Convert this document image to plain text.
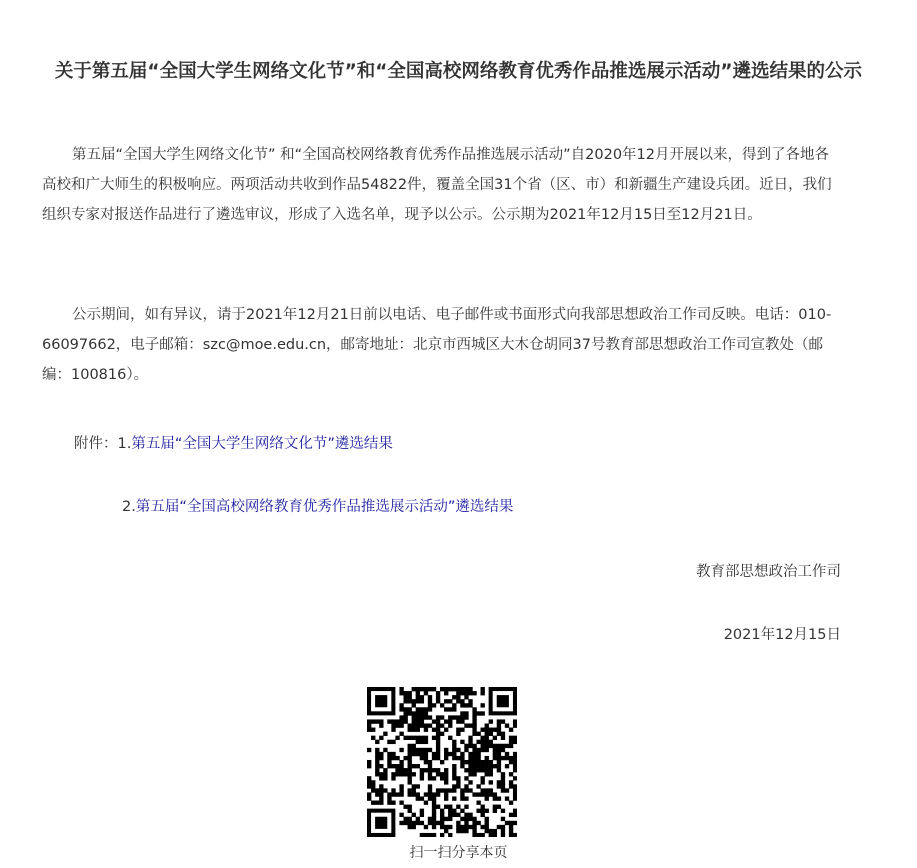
关于第五届“全国大学生网络文化节”和“全国高校网络教育优秀作品推选展示活动”遴选结果的公示

第五届“全国大学生网络文化节” 和“全国高校网络教育优秀作品推选展示活动”自2020年12月开展以来，得到了各地各高校和广大师生的积极响应。两项活动共收到作品54822件，覆盖全国31个省（区、市）和新疆生产建设兵团。近日，我们组织专家对报送作品进行了遴选审议，形成了入选名单，现予以公示。公示期为2021年12月15日至12月21日。

公示期间，如有异议，请于2021年12月21日前以电话、电子邮件或书面形式向我部思想政治工作司反映。电话：010-66097662，电子邮箱：szc@moe.edu.cn，邮寄地址：北京市西城区大木仓胡同37号教育部思想政治工作司宣教处（邮编：100816）。

附件：1.第五届“全国大学生网络文化节”遴选结果
2.第五届“全国高校网络教育优秀作品推选展示活动”遴选结果
教育部思想政治工作司
2021年12月15日
扫一扫分享本页
